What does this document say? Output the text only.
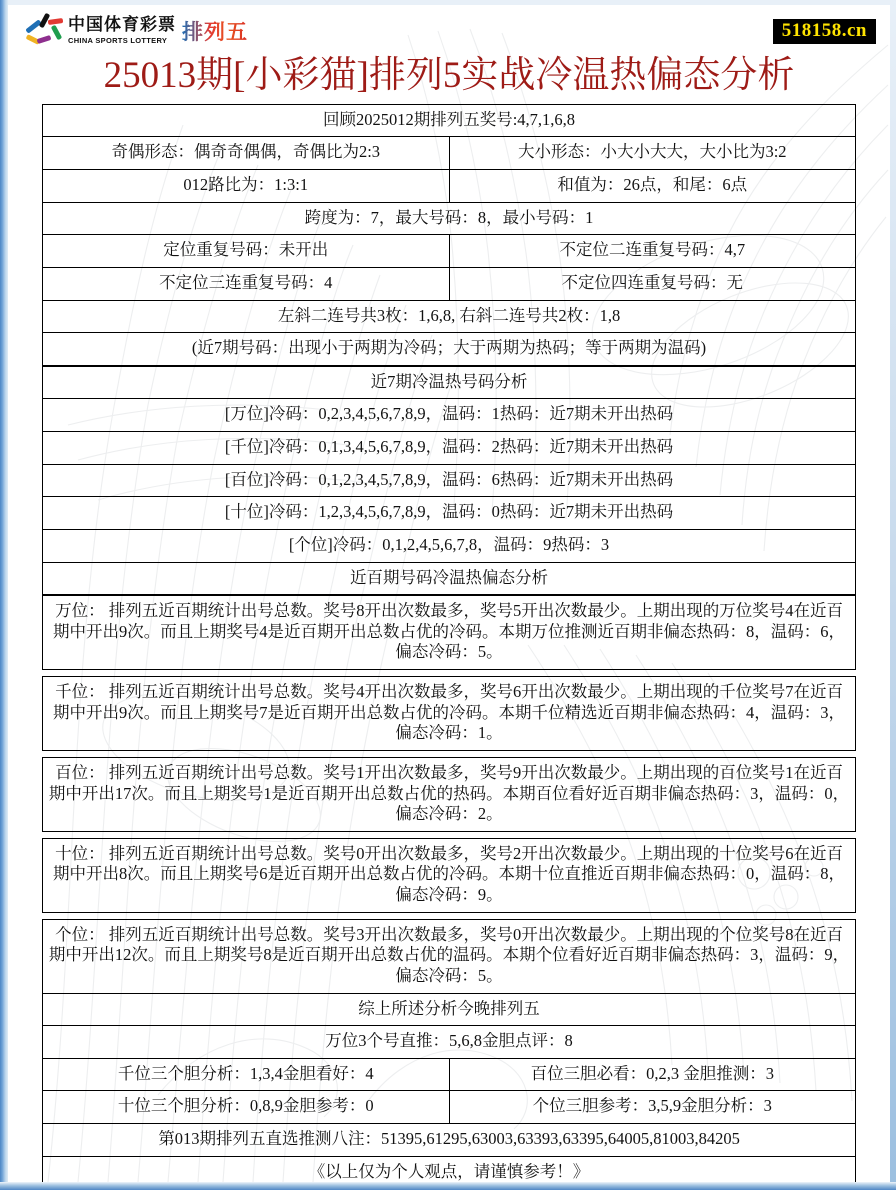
中国体育彩票
CHINA SPORTS LOTTERY 排列五	518158.cn
25013期[小彩猫]排列5实战冷温热偏态分析
回顾2025012期排列五奖号:4,7,1,6,8	
奇偶形态：偶奇奇偶偶，奇偶比为2:3	大小形态：小大小大大，大小比为3:2
012路比为：1:3:1	和值为：26点，和尾：6点
跨度为：7，最大号码：8，最小号码：1	
定位重复号码：未开出	不定位二连重复号码：4,7
不定位三连重复号码：4	不定位四连重复号码：无
左斜二连号共3枚：1,6,8, 右斜二连号共2枚：1,8	
(近7期号码：出现小于两期为冷码；大于两期为热码；等于两期为温码)	
近7期冷温热号码分析
[万位]冷码：0,2,3,4,5,6,7,8,9，温码：1热码：近7期未开出热码
[千位]冷码：0,1,3,4,5,6,7,8,9，温码：2热码：近7期未开出热码
[百位]冷码：0,1,2,3,4,5,7,8,9，温码：6热码：近7期未开出热码
[十位]冷码：1,2,3,4,5,6,7,8,9，温码：0热码：近7期未开出热码
[个位]冷码：0,1,2,4,5,6,7,8，温码：9热码：3
近百期号码冷温热偏态分析
万位： 排列五近百期统计出号总数。奖号8开出次数最多，奖号5开出次数最少。上期出现的万位奖号4在近百期中开出9次。而且上期奖号4是近百期开出总数占优的冷码。本期万位推测近百期非偏态热码：8，温码：6，偏态冷码：5。

千位： 排列五近百期统计出号总数。奖号4开出次数最多，奖号6开出次数最少。上期出现的千位奖号7在近百期中开出9次。而且上期奖号7是近百期开出总数占优的冷码。本期千位精选近百期非偏态热码：4，温码：3，偏态冷码：1。

百位： 排列五近百期统计出号总数。奖号1开出次数最多，奖号9开出次数最少。上期出现的百位奖号1在近百期中开出17次。而且上期奖号1是近百期开出总数占优的热码。本期百位看好近百期非偏态热码：3，温码：0，偏态冷码：2。

十位： 排列五近百期统计出号总数。奖号0开出次数最多，奖号2开出次数最少。上期出现的十位奖号6在近百期中开出8次。而且上期奖号6是近百期开出总数占优的冷码。本期十位直推近百期非偏态热码：0，温码：8，偏态冷码：9。

个位： 排列五近百期统计出号总数。奖号3开出次数最多，奖号0开出次数最少。上期出现的个位奖号8在近百期中开出12次。而且上期奖号8是近百期开出总数占优的温码。本期个位看好近百期非偏态热码：3，温码：9，偏态冷码：5。
综上所述分析今晚排列五	
万位3个号直推：5,6,8金胆点评：8	
千位三个胆分析：1,3,4金胆看好：4	百位三胆必看：0,2,3 金胆推测：3
十位三个胆分析：0,8,9金胆参考：0	个位三胆参考：3,5,9金胆分析：3
第013期排列五直选推测八注：51395,61295,63003,63393,63395,64005,81003,84205	
《以上仅为个人观点，请谨慎参考！》	
